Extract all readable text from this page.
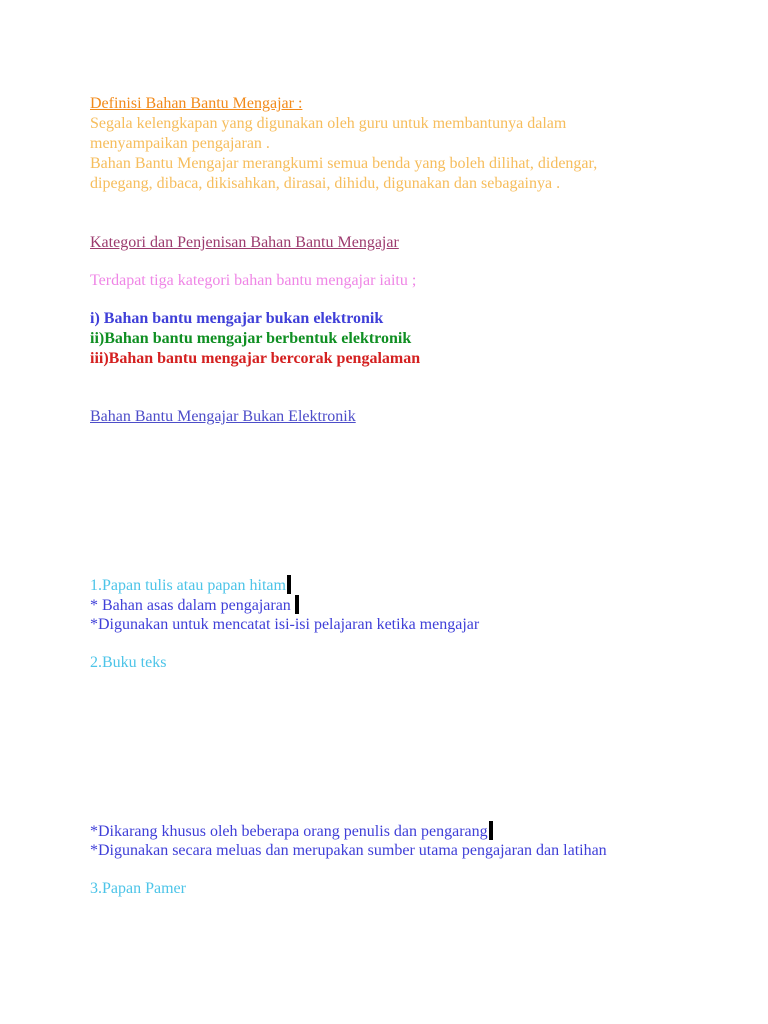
Definisi Bahan Bantu Mengajar :
Segala kelengkapan yang digunakan oleh guru untuk membantunya dalam
menyampaikan pengajaran .
Bahan Bantu Mengajar merangkumi semua benda yang boleh dilihat, didengar,
dipegang, dibaca, dikisahkan, dirasai, dihidu, digunakan dan sebagainya .
Kategori dan Penjenisan Bahan Bantu Mengajar
Terdapat tiga kategori bahan bantu mengajar iaitu ;
i) Bahan bantu mengajar bukan elektronik
ii)Bahan bantu mengajar berbentuk elektronik
iii)Bahan bantu mengajar bercorak pengalaman
Bahan Bantu Mengajar Bukan Elektronik
1.Papan tulis atau papan hitam
* Bahan asas dalam pengajaran
*Digunakan untuk mencatat isi-isi pelajaran ketika mengajar
2.Buku teks
*Dikarang khusus oleh beberapa orang penulis dan pengarang
*Digunakan secara meluas dan merupakan sumber utama pengajaran dan latihan
3.Papan Pamer
